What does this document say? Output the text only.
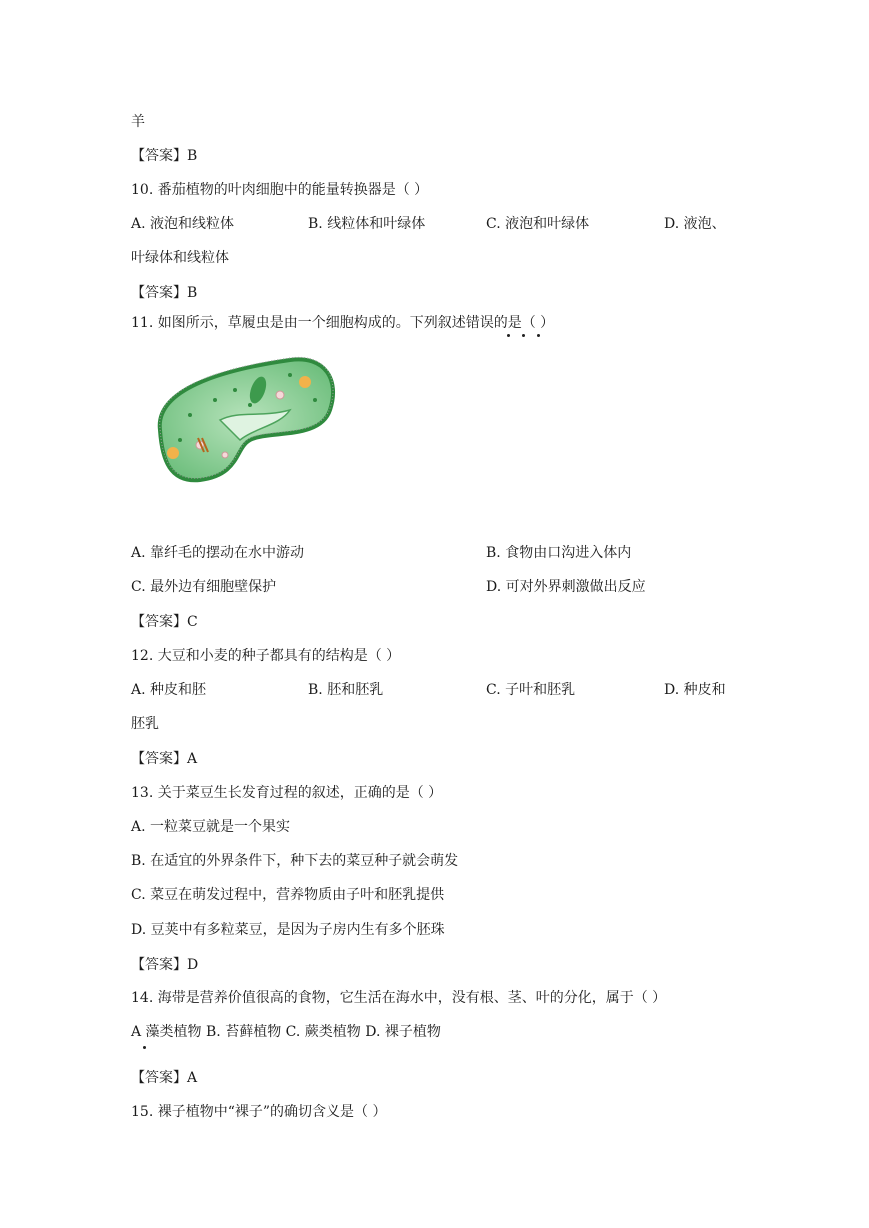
羊
【答案】B
10. 番茄植物的叶肉细胞中的能量转换器是（ ）
A. 液泡和线粒体	B. 线粒体和叶绿体	C. 液泡和叶绿体	D. 液泡、
叶绿体和线粒体
【答案】B
11. 如图所示，草履虫是由一个细胞构成的。下列叙述错误的是（ ）
A. 靠纤毛的摆动在水中游动	B. 食物由口沟进入体内
C. 最外边有细胞壁保护	D. 可对外界刺激做出反应
【答案】C
12. 大豆和小麦的种子都具有的结构是（ ）
A. 种皮和胚	B. 胚和胚乳	C. 子叶和胚乳	D. 种皮和
胚乳
【答案】A
13. 关于菜豆生长发育过程的叙述，正确的是（ ）
A. 一粒菜豆就是一个果实
B. 在适宜的外界条件下，种下去的菜豆种子就会萌发
C. 菜豆在萌发过程中，营养物质由子叶和胚乳提供
D. 豆荚中有多粒菜豆，是因为子房内生有多个胚珠
【答案】D
14. 海带是营养价值很高的食物，它生活在海水中，没有根、茎、叶的分化，属于（ ）
A 藻类植物 B. 苔藓植物 C. 蕨类植物 D. 裸子植物
【答案】A
15. 裸子植物中“裸子”的确切含义是（ ）
